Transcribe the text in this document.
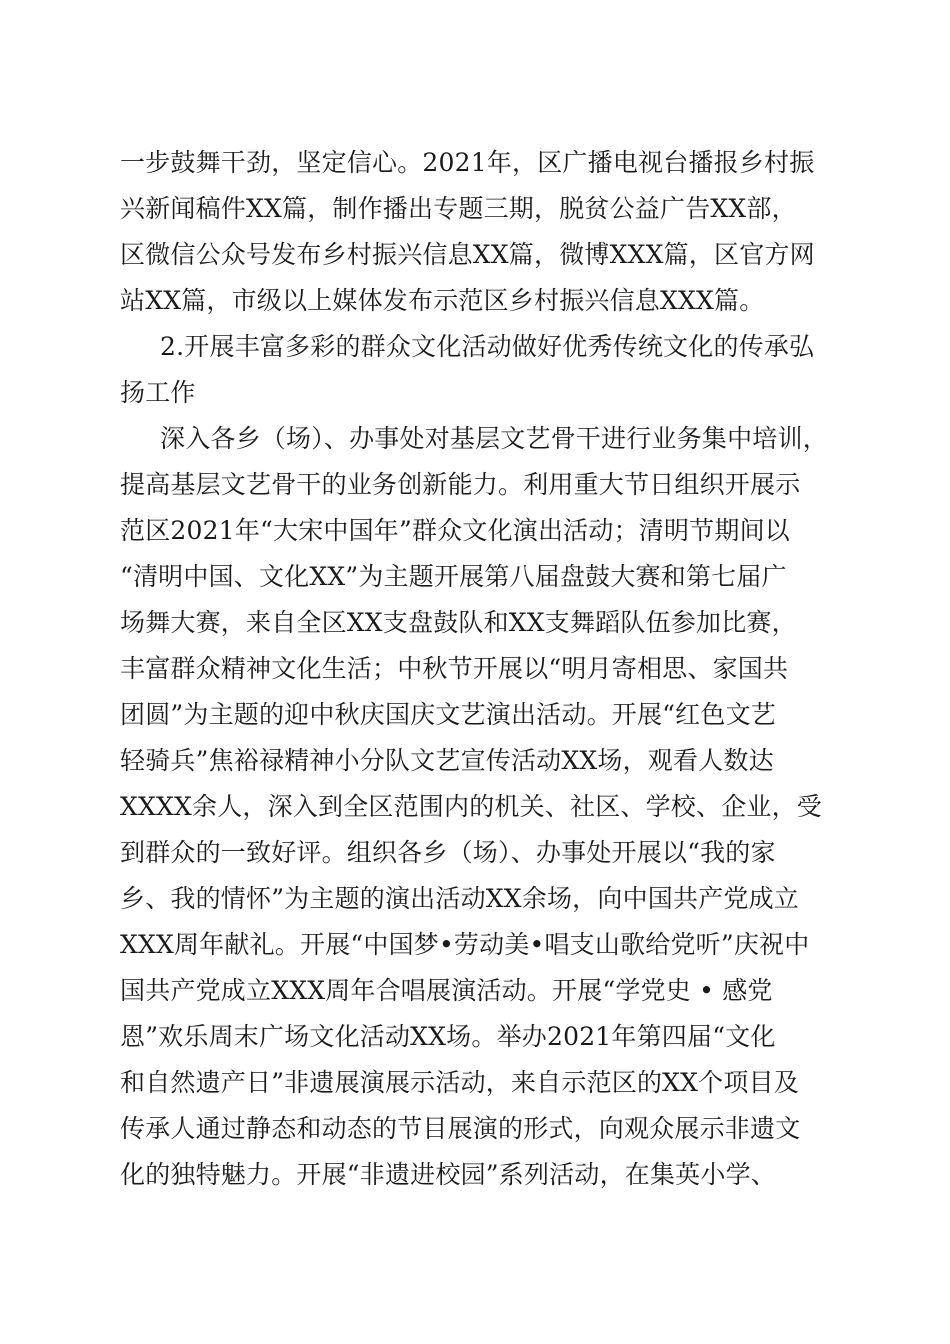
一步鼓舞干劲，坚定信心。2021年，区广播电视台播报乡村振
兴新闻稿件XX篇，制作播出专题三期，脱贫公益广告XX部，
区微信公众号发布乡村振兴信息XX篇，微博XXX篇，区官方网
站XX篇，市级以上媒体发布示范区乡村振兴信息XXX篇。
2.开展丰富多彩的群众文化活动做好优秀传统文化的传承弘
扬工作
深入各乡（场）、办事处对基层文艺骨干进行业务集中培训，
提高基层文艺骨干的业务创新能力。利用重大节日组织开展示
范区2021年“大宋中国年”群众文化演出活动；清明节期间以
“清明中国、文化XX”为主题开展第八届盘鼓大赛和第七届广
场舞大赛，来自全区XX支盘鼓队和XX支舞蹈队伍参加比赛，
丰富群众精神文化生活；中秋节开展以“明月寄相思、家国共
团圆”为主题的迎中秋庆国庆文艺演出活动。开展“红色文艺
轻骑兵”焦裕禄精神小分队文艺宣传活动XX场，观看人数达
XXXX余人，深入到全区范围内的机关、社区、学校、企业，受
到群众的一致好评。组织各乡（场）、办事处开展以“我的家
乡、我的情怀”为主题的演出活动XX余场，向中国共产党成立
XXX周年献礼。开展“中国梦•劳动美•唱支山歌给党听”庆祝中
国共产党成立XXX周年合唱展演活动。开展“学党史 • 感党
恩”欢乐周末广场文化活动XX场。举办2021年第四届“文化
和自然遗产日”非遗展演展示活动，来自示范区的XX个项目及
传承人通过静态和动态的节目展演的形式，向观众展示非遗文
化的独特魅力。开展“非遗进校园”系列活动，在集英小学、
